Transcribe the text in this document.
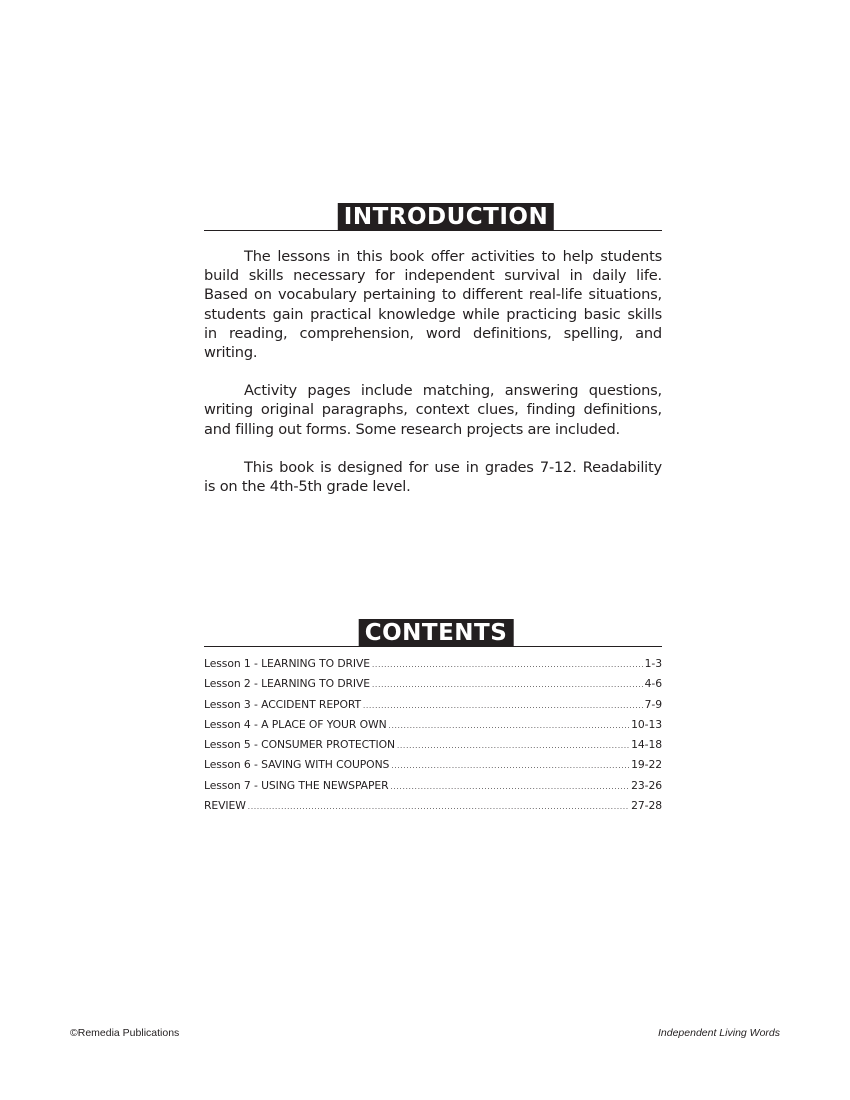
INTRODUCTION

The lessons in this book offer activities to help students build skills necessary for independent survival in daily life. Based on vocabulary pertaining to different real-life situations, students gain practical knowledge while practicing basic skills in reading, comprehension, word definitions, spelling, and writing.

Activity pages include matching, answering questions, writing original paragraphs, context clues, finding definitions, and filling out forms. Some research projects are included.

This book is designed for use in grades 7-12. Readability is on the 4th-5th grade level.

CONTENTS
Lesson 1 - LEARNING TO DRIVE .....	1-3
Lesson 2 - LEARNING TO DRIVE .....	4-6
Lesson 3 - ACCIDENT REPORT .....	7-9
Lesson 4 - A PLACE OF YOUR OWN .....	10-13
Lesson 5 - CONSUMER PROTECTION .....	14-18
Lesson 6 - SAVING WITH COUPONS .....	19-22
Lesson 7 - USING THE NEWSPAPER .....	23-26
REVIEW .....	27-28
©Remedia Publications	Independent Living Words
